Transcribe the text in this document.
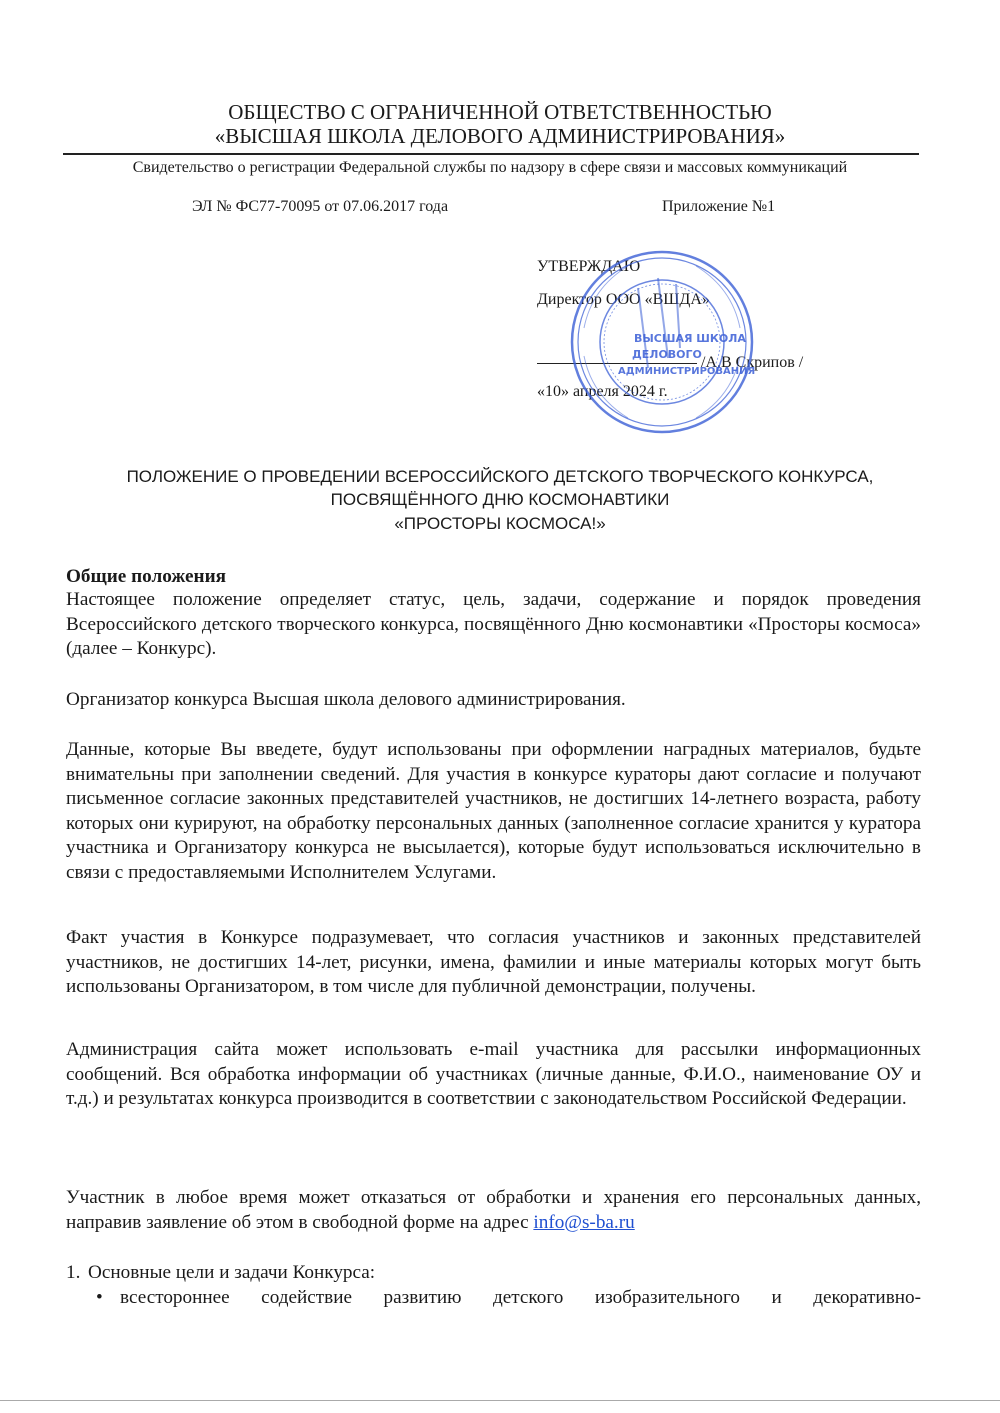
ОБЩЕСТВО С ОГРАНИЧЕННОЙ ОТВЕТСТВЕННОСТЬЮ
«ВЫСШАЯ ШКОЛА ДЕЛОВОГО АДМИНИСТРИРОВАНИЯ»
Свидетельство о регистрации Федеральной службы по надзору в сфере связи и массовых коммуникаций
ЭЛ № ФС77-70095 от 07.06.2017 года	Приложение №1
УТВЕРЖДАЮ
Директор ООО «ВШДА»
/А.В Скрипов /
«10» апреля 2024 г.
ВЫСШАЯ ШКОЛА
ДЕЛОВОГО
АДМИНИСТРИРОВАНИЯ
ПОЛОЖЕНИЕ О ПРОВЕДЕНИИ ВСЕРОССИЙСКОГО ДЕТСКОГО ТВОРЧЕСКОГО КОНКУРСА,
ПОСВЯЩЁННОГО ДНЮ КОСМОНАВТИКИ
«ПРОСТОРЫ КОСМОСА!»
Общие положения
Настоящее положение определяет статус, цель, задачи, содержание и порядок проведения Всероссийского детского творческого конкурса, посвящённого Дню космонавтики «Просторы космоса» (далее – Конкурс).
Организатор конкурса Высшая школа делового администрирования.
Данные, которые Вы введете, будут использованы при оформлении наградных материалов, будьте внимательны при заполнении сведений. Для участия в конкурсе кураторы дают согласие и получают письменное согласие законных представителей участников, не достигших 14-летнего возраста, работу которых они курируют, на обработку персональных данных (заполненное согласие хранится у куратора участника и Организатору конкурса не высылается), которые будут использоваться исключительно в связи с предоставляемыми Исполнителем Услугами.
Факт участия в Конкурсе подразумевает, что согласия участников и законных представителей участников, не достигших 14-лет, рисунки, имена, фамилии и иные материалы которых могут быть использованы Организатором, в том числе для публичной демонстрации, получены.
Администрация сайта может использовать e-mail участника для рассылки информационных сообщений. Вся обработка информации об участниках (личные данные, Ф.И.О., наименование ОУ и т.д.) и результатах конкурса производится в соответствии с законодательством Российской Федерации.
Участник в любое время может отказаться от обработки и хранения его персональных данных, направив заявление об этом в свободной форме на адрес info@s-ba.ru
1. Основные цели и задачи Конкурса:
• всестороннее содействие развитию детского изобразительного и декоративно-
